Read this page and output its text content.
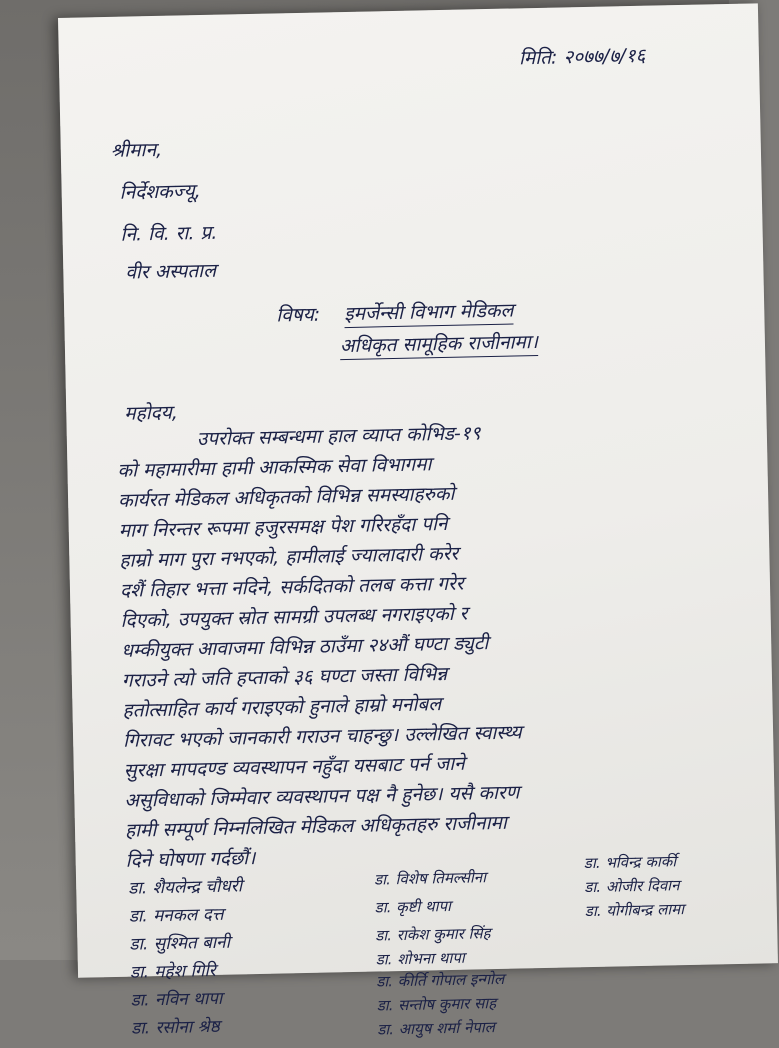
मिति: २०७७/७/१६

श्रीमान,

निर्देशकज्यू,

नि. वि. रा. प्र.

वीर अस्पताल

विषय: इमर्जेन्सी विभाग मेडिकल

अधिकृत सामूहिक राजीनामा।

महोदय,

उपरोक्त सम्बन्धमा हाल व्याप्त कोभिड-१९

को महामारीमा हामी आकस्मिक सेवा विभागमा

कार्यरत मेडिकल अधिकृतको विभिन्न समस्याहरुको

माग निरन्तर रूपमा हजुरसमक्ष पेश गरिरहँदा पनि

हाम्रो माग पुरा नभएको, हामीलाई ज्यालादारी करेर

दशैं तिहार भत्ता नदिने, सर्कदितको तलब कत्ता गरेर

दिएको, उपयुक्त स्रोत सामग्री उपलब्ध नगराइएको र

धम्कीयुक्त आवाजमा विभिन्न ठाउँमा २४औं घण्टा ड्युटी

गराउने त्यो जति हप्ताको ३६ घण्टा जस्ता विभिन्न

हतोत्साहित कार्य गराइएको हुनाले हाम्रो मनोबल

गिरावट भएको जानकारी गराउन चाहन्छु। उल्लेखित स्वास्थ्य

सुरक्षा मापदण्ड व्यवस्थापन नहुँदा यसबाट पर्न जाने

असुविधाको जिम्मेवार व्यवस्थापन पक्ष नै हुनेछ। यसै कारण

हामी सम्पूर्ण निम्नलिखित मेडिकल अधिकृतहरु राजीनामा

दिने घोषणा गर्दछौं।

डा. शैयलेन्द्र चौधरी

डा. मनकल दत्त

डा. सुश्मित बानी

डा. महेश गिरि

डा. नविन थापा

डा. रसोना श्रेष्ठ

डा. विशेष तिमल्सीना

डा. कृष्टी थापा

डा. राकेश कुमार सिंह

डा. शोभना थापा

डा. कीर्ति गोपाल इन्गोल

डा. सन्तोष कुमार साह

डा. आयुष शर्मा नेपाल

डा. भविन्द्र कार्की

डा. ओजीर दिवान

डा. योगीबन्द्र लामा
